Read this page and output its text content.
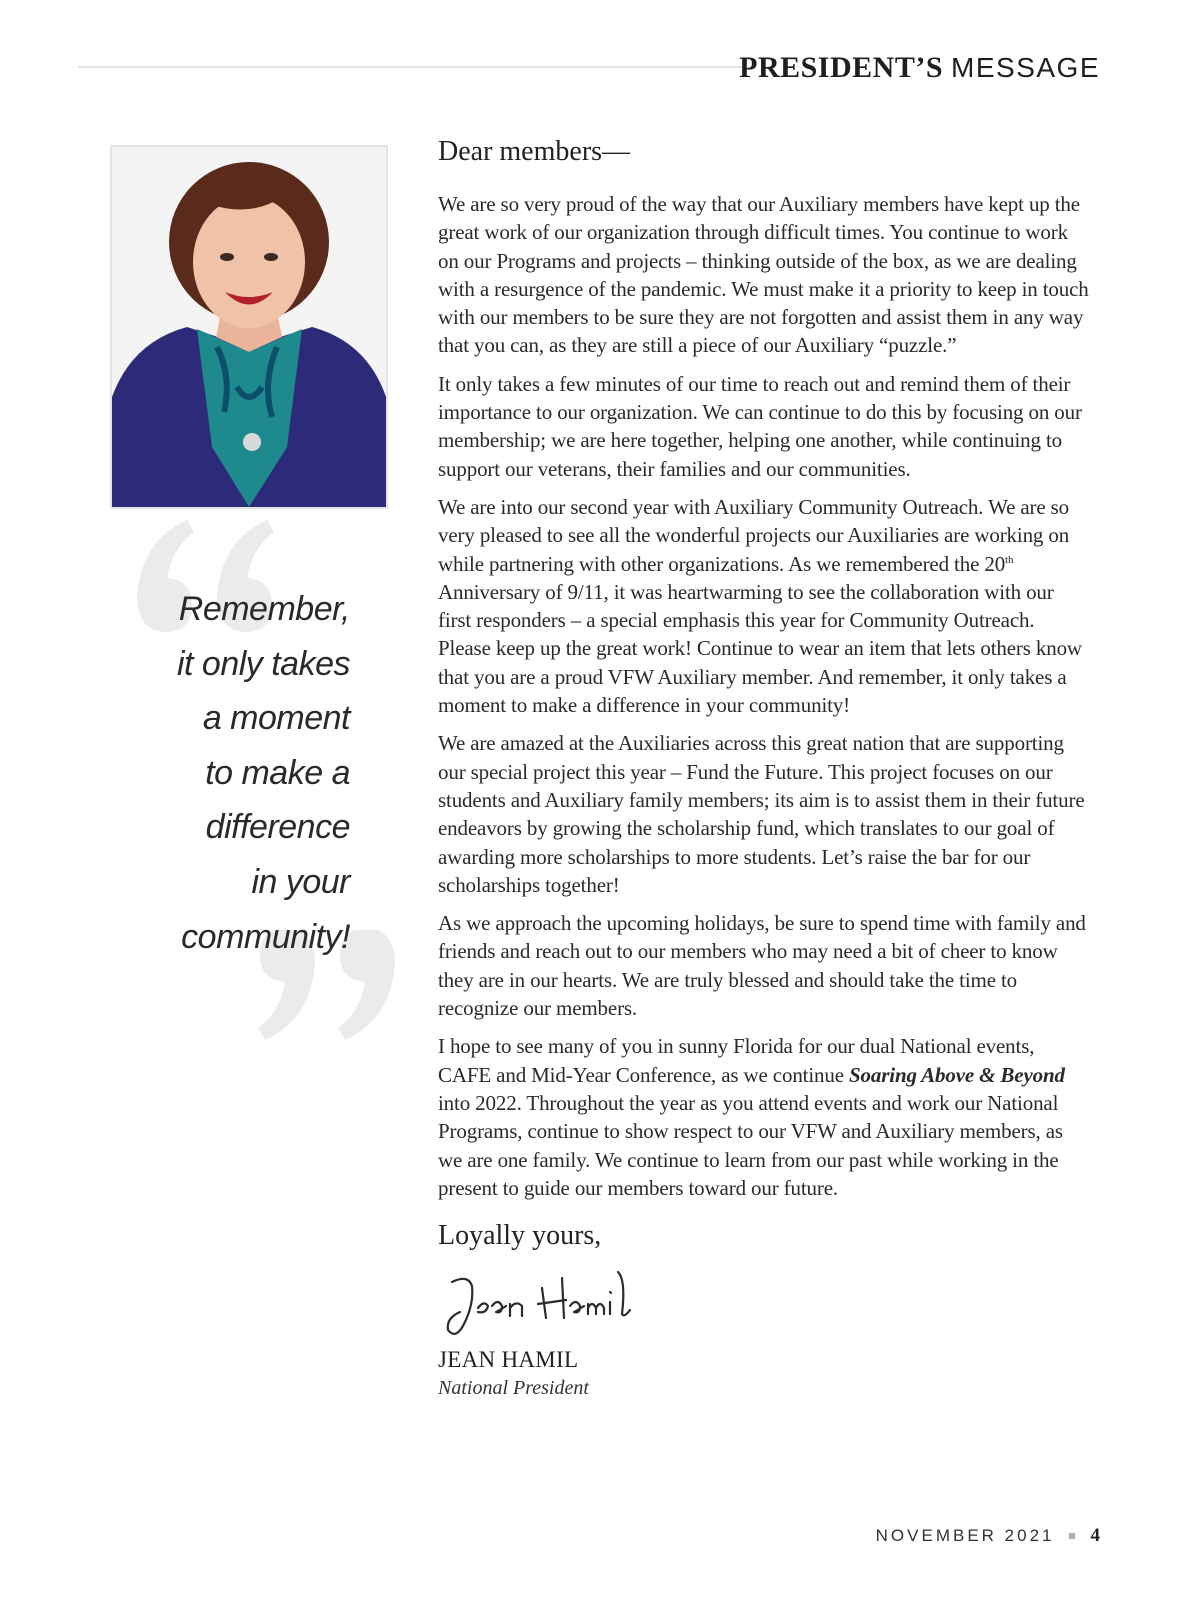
PRESIDENT’S MESSAGE
Remember,
it only takes
a moment
to make a
difference
in your
community!

Dear members—

We are so very proud of the way that our Auxiliary members have kept up the great work of our organization through difficult times. You continue to work on our Programs and projects – thinking outside of the box, as we are dealing with a resurgence of the pandemic. We must make it a priority to keep in touch with our members to be sure they are not forgotten and assist them in any way that you can, as they are still a piece of our Auxiliary “puzzle.”

It only takes a few minutes of our time to reach out and remind them of their importance to our organization. We can continue to do this by focusing on our membership; we are here together, helping one another, while continuing to support our veterans, their families and our communities.

We are into our second year with Auxiliary Community Outreach. We are so very pleased to see all the wonderful projects our Auxiliaries are working on while partnering with other organizations. As we remembered the 20th Anniversary of 9/11, it was heartwarming to see the collaboration with our first responders – a special emphasis this year for Community Outreach. Please keep up the great work! Continue to wear an item that lets others know that you are a proud VFW Auxiliary member. And remember, it only takes a moment to make a difference in your community!

We are amazed at the Auxiliaries across this great nation that are supporting our special project this year – Fund the Future. This project focuses on our students and Auxiliary family members; its aim is to assist them in their future endeavors by growing the scholarship fund, which translates to our goal of awarding more scholarships to more students. Let’s raise the bar for our scholarships together!

As we approach the upcoming holidays, be sure to spend time with family and friends and reach out to our members who may need a bit of cheer to know they are in our hearts. We are truly blessed and should take the time to recognize our members.

I hope to see many of you in sunny Florida for our dual National events, CAFE and Mid-Year Conference, as we continue Soaring Above & Beyond into 2022. Throughout the year as you attend events and work our National Programs, continue to show respect to our VFW and Auxiliary members, as we are one family. We continue to learn from our past while working in the present to guide our members toward our future.

Loyally yours,

JEAN HAMIL

National President

NOVEMBER 2021 4
